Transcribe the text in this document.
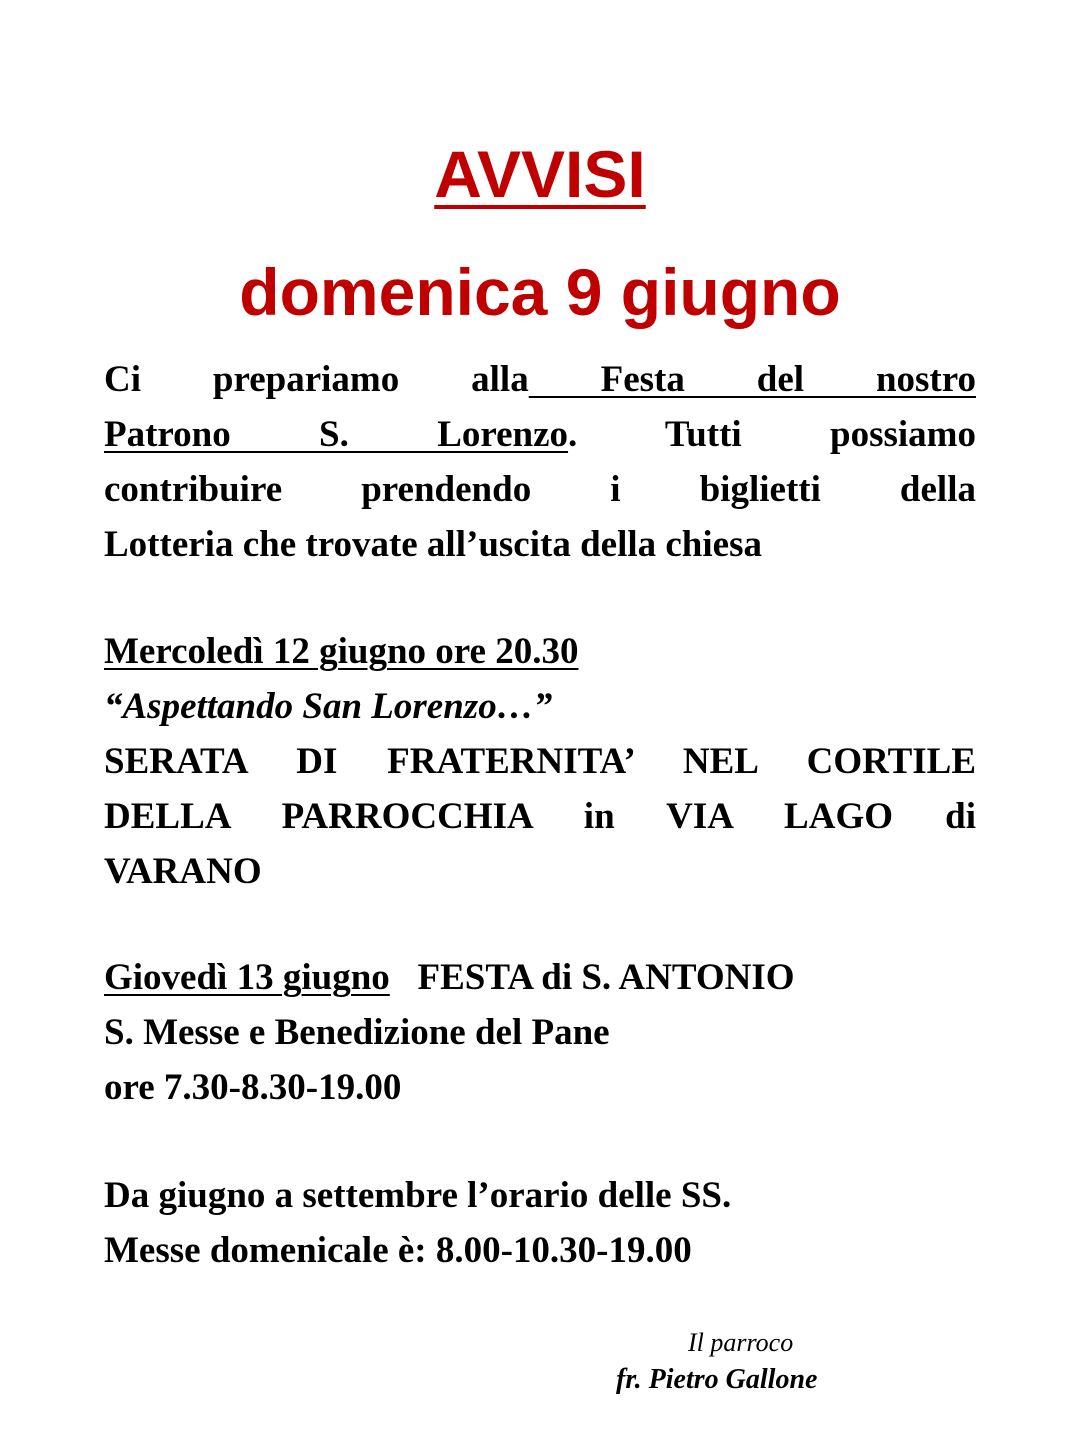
AVVISI
domenica 9 giugno
Ci prepariamo alla Festa del nostro
Patrono S. Lorenzo. Tutti possiamo
contribuire prendendo i biglietti della
Lotteria che trovate all’uscita della chiesa
Mercoledì 12 giugno ore 20.30
“Aspettando San Lorenzo…”
SERATA DI FRATERNITA’ NEL CORTILE
DELLA PARROCCHIA in VIA LAGO di
VARANO
Giovedì 13 giugno FESTA di S. ANTONIO
S. Messe e Benedizione del Pane
ore 7.30-8.30-19.00
Da giugno a settembre l’orario delle SS.
Messe domenicale è: 8.00-10.30-19.00

Il parroco

fr. Pietro Gallone
